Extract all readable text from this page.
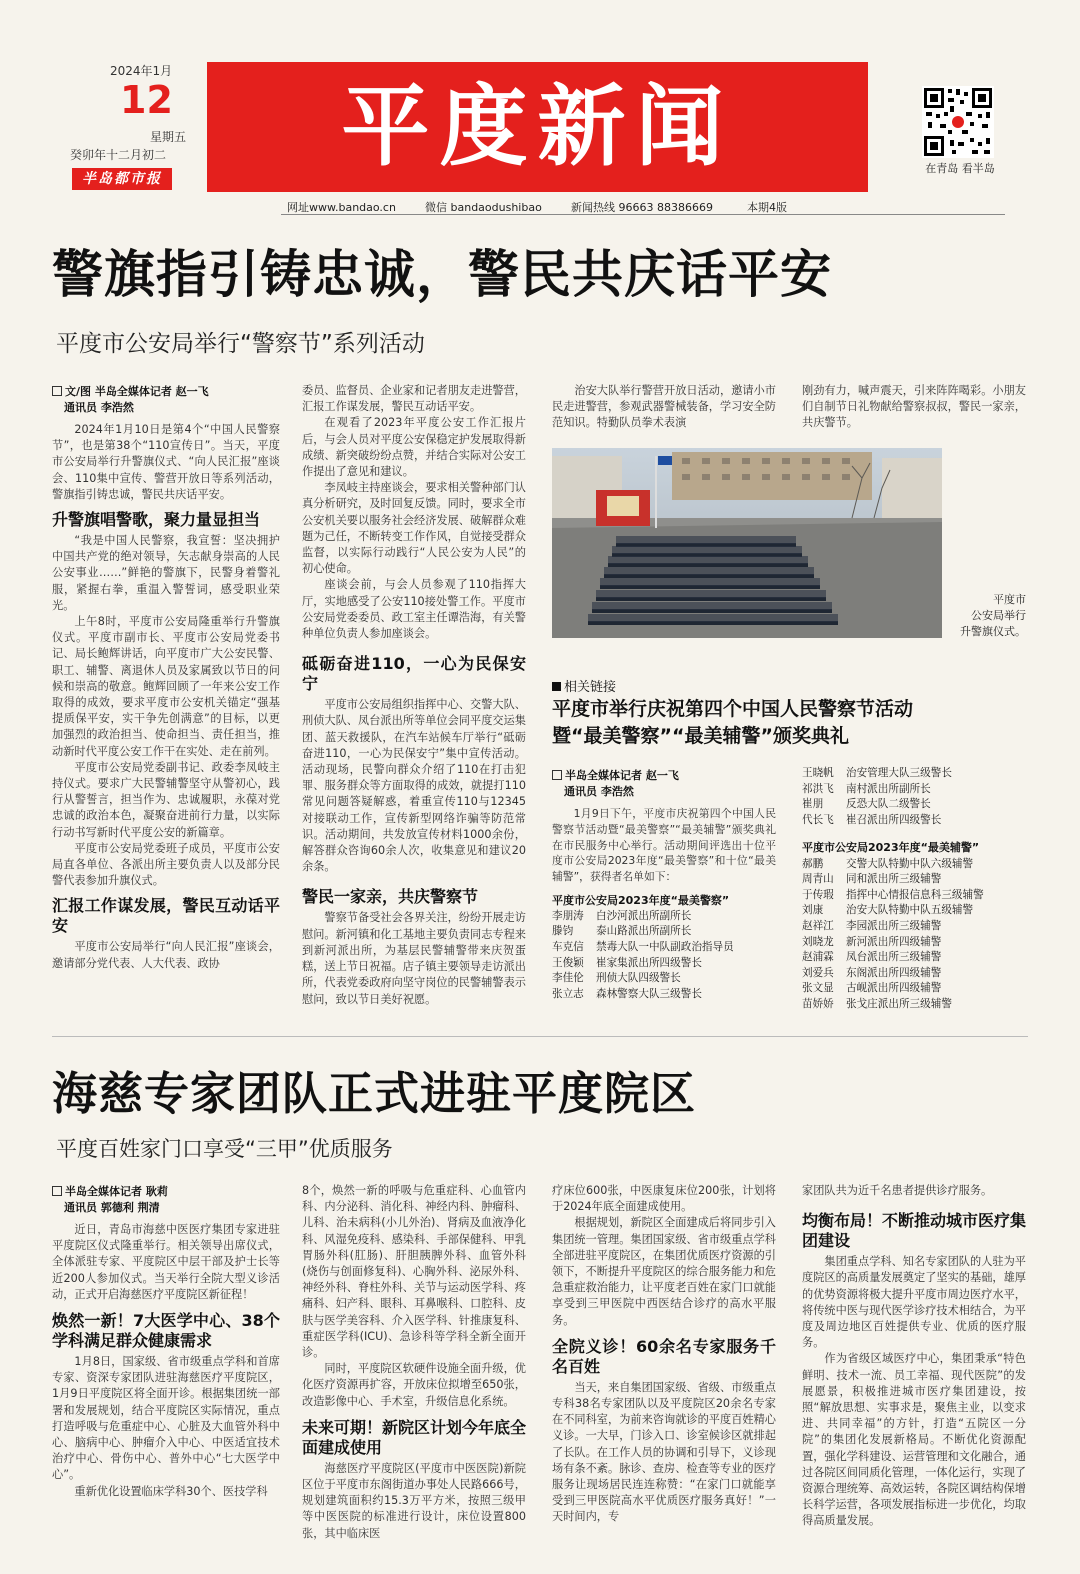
2024年1月
12
星期五
癸卯年十二月初二
半岛都市报
平度新闻	在青岛 看半岛
网址www.bandao.cn	微信 bandaodushibao	新闻热线 96663 88386669	本期4版
警旗指引铸忠诚，警民共庆话平安
平度市公安局举行“警察节”系列活动
文/图 半岛全媒体记者 赵一飞
通讯员 李浩然

2024年1月10日是第4个“中国人民警察节”，也是第38个“110宣传日”。当天，平度市公安局举行升警旗仪式、“向人民汇报”座谈会、110集中宣传、警营开放日等系列活动，警旗指引铸忠诚，警民共庆话平安。

升警旗唱警歌，聚力量显担当

“我是中国人民警察，我宣誓：坚决拥护中国共产党的绝对领导，矢志献身崇高的人民公安事业……”鲜艳的警旗下，民警身着警礼服，紧握右拳，重温入警誓词，感受职业荣光。

上午8时，平度市公安局隆重举行升警旗仪式。平度市副市长、平度市公安局党委书记、局长鲍辉讲话，向平度市广大公安民警、职工、辅警、离退休人员及家属致以节日的问候和崇高的敬意。鲍辉回顾了一年来公安工作取得的成效，要求平度市公安机关锚定“强基提质保平安，实干争先创满意”的目标，以更加强烈的政治担当、使命担当、责任担当，推动新时代平度公安工作干在实处、走在前列。

平度市公安局党委副书记、政委李凤岐主持仪式。要求广大民警辅警坚守从警初心，践行从警誓言，担当作为、忠诚履职，永葆对党忠诚的政治本色，凝聚奋进前行力量，以实际行动书写新时代平度公安的新篇章。

平度市公安局党委班子成员，平度市公安局直各单位、各派出所主要负责人以及部分民警代表参加升旗仪式。

汇报工作谋发展，警民互动话平安

平度市公安局举行“向人民汇报”座谈会，邀请部分党代表、人大代表、政协

委员、监督员、企业家和记者朋友走进警营，汇报工作谋发展，警民互动话平安。

在观看了2023年平度公安工作汇报片后，与会人员对平度公安保稳定护发展取得新成绩、新突破纷纷点赞，并结合实际对公安工作提出了意见和建议。

李凤岐主持座谈会，要求相关警种部门认真分析研究，及时回复反馈。同时，要求全市公安机关要以服务社会经济发展、破解群众难题为己任，不断转变工作作风，自觉接受群众监督，以实际行动践行“人民公安为人民”的初心使命。

座谈会前，与会人员参观了110指挥大厅，实地感受了公安110接处警工作。平度市公安局党委委员、政工室主任谭浩海，有关警种单位负责人参加座谈会。

砥砺奋进110，一心为民保安宁

平度市公安局组织指挥中心、交警大队、刑侦大队、凤台派出所等单位会同平度交运集团、蓝天救援队，在汽车站候车厅举行“砥砺奋进110，一心为民保安宁”集中宣传活动。活动现场，民警向群众介绍了110在打击犯罪、服务群众等方面取得的成效，就提打110常见问题答疑解惑，着重宣传110与12345对接联动工作，宣传新型网络诈骗等防范常识。活动期间，共发放宣传材料1000余份，解答群众咨询60余人次，收集意见和建议20余条。

警民一家亲，共庆警察节

警察节备受社会各界关注，纷纷开展走访慰问。新河镇和化工基地主要负责同志专程来到新河派出所，为基层民警辅警带来庆贺蛋糕，送上节日祝福。店子镇主要领导走访派出所，代表党委政府向坚守岗位的民警辅警表示慰问，致以节日美好祝愿。

治安大队举行警营开放日活动，邀请小市民走进警营，参观武器警械装备，学习安全防范知识。特勤队员拳术表演

刚劲有力，喊声震天，引来阵阵喝彩。小朋友们自制节日礼物献给警察叔叔，警民一家亲，共庆警节。

平度市
公安局举行
升警旗仪式。
相关链接
平度市举行庆祝第四个中国人民警察节活动
暨“最美警察”“最美辅警”颁奖典礼
半岛全媒体记者 赵一飞
通讯员 李浩然

1月9日下午，平度市庆祝第四个中国人民警察节活动暨“最美警察”“最美辅警”颁奖典礼在市民服务中心举行。活动期间评选出十位平度市公安局2023年度“最美警察”和十位“最美辅警”，获得者名单如下：

平度市公安局2023年度“最美警察”
李朋涛 白沙河派出所副所长
滕钧 泰山路派出所副所长
车克信 禁毒大队一中队副政治指导员
王俊颖 崔家集派出所四级警长
李佳伦 刑侦大队四级警长
张立志 森林警察大队三级警长
王晓帆 治安管理大队三级警长
祁洪飞 南村派出所副所长
崔朋 反恐大队二级警长
代长飞 崔召派出所四级警长
平度市公安局2023年度“最美辅警”
郝鹏 交警大队特勤中队六级辅警
周青山 同和派出所三级辅警
于传瑕 指挥中心情报信息科三级辅警
刘康 治安大队特勤中队五级辅警
赵祥江 李园派出所三级辅警
刘晓龙 新河派出所四级辅警
赵浦霖 凤台派出所三级辅警
刘爱兵 东阁派出所四级辅警
张文显 古岘派出所四级辅警
苗娇娇 张戈庄派出所三级辅警
海慈专家团队正式进驻平度院区
平度百姓家门口享受“三甲”优质服务
半岛全媒体记者 耿莉
通讯员 郭德利 荆清

近日，青岛市海慈中医医疗集团专家进驻平度院区仪式隆重举行。相关领导出席仪式，全体派驻专家、平度院区中层干部及护士长等近200人参加仪式。当天举行全院大型义诊活动，正式开启海慈医疗平度院区新征程！

焕然一新！7大医学中心、38个学科满足群众健康需求

1月8日，国家级、省市级重点学科和首席专家、资深专家团队进驻海慈医疗平度院区，1月9日平度院区将全面开诊。根据集团统一部署和发展规划，结合平度院区实际情况，重点打造呼吸与危重症中心、心脏及大血管外科中心、脑病中心、肿瘤介入中心、中医适宜技术治疗中心、骨伤中心、普外中心“七大医学中心”。

重新优化设置临床学科30个、医技学科

8个，焕然一新的呼吸与危重症科、心血管内科、内分泌科、消化科、神经内科、肿瘤科、儿科、治未病科(小儿外治)、肾病及血液净化科、风湿免疫科、感染科、手部保健科、甲乳胃肠外科(肛肠)、肝胆胰脾外科、血管外科(烧伤与创面修复科)、心胸外科、泌尿外科、神经外科、脊柱外科、关节与运动医学科、疼痛科、妇产科、眼科、耳鼻喉科、口腔科、皮肤与医学美容科、介入医学科、针推康复科、重症医学科(ICU)、急诊科等学科全新全面开诊。

同时，平度院区软硬件设施全面升级，优化医疗资源再扩容，开放床位拟增至650张，改造影像中心、手术室，升级信息化系统。

未来可期！新院区计划今年底全面建成使用

海慈医疗平度院区(平度市中医医院)新院区位于平度市东阁街道办事处人民路666号，规划建筑面积约15.3万平方米，按照三级甲等中医医院的标准进行设计，床位设置800张，其中临床医

疗床位600张，中医康复床位200张，计划将于2024年底全面建成使用。

根据规划，新院区全面建成后将同步引入集团统一管理。集团国家级、省市级重点学科全部进驻平度院区，在集团优质医疗资源的引领下，不断提升平度院区的综合服务能力和危急重症救治能力，让平度老百姓在家门口就能享受到三甲医院中西医结合诊疗的高水平服务。

全院义诊！60余名专家服务千名百姓

当天，来自集团国家级、省级、市级重点专科38名专家团队以及平度院区20余名专家在不同科室，为前来咨询就诊的平度百姓精心义诊。一大早，门诊入口、诊室候诊区就排起了长队。在工作人员的协调和引导下，义诊现场有条不紊。脉诊、查房、检查等专业的医疗服务让现场居民连连称赞：“在家门口就能享受到三甲医院高水平优质医疗服务真好！”一天时间内，专

家团队共为近千名患者提供诊疗服务。

均衡布局！不断推动城市医疗集团建设

集团重点学科、知名专家团队的人驻为平度院区的高质量发展奠定了坚实的基础，雄厚的优势资源将极大提升平度市周边医疗水平，将传统中医与现代医学诊疗技术相结合，为平度及周边地区百姓提供专业、优质的医疗服务。

作为省级区域医疗中心，集团秉承“特色鲜明、技术一流、员工幸福、现代医院”的发展愿景，积极推进城市医疗集团建设，按照“解放思想、实事求是，聚焦主业，以变求进、共同幸福”的方针，打造“五院区一分院”的集团化发展新格局。不断优化资源配置，强化学科建设、运营管理和文化融合，通过各院区间同质化管理，一体化运行，实现了资源合理统筹、高效运转，各院区调结构保增长科学运营，各项发展指标进一步优化，均取得高质量发展。
